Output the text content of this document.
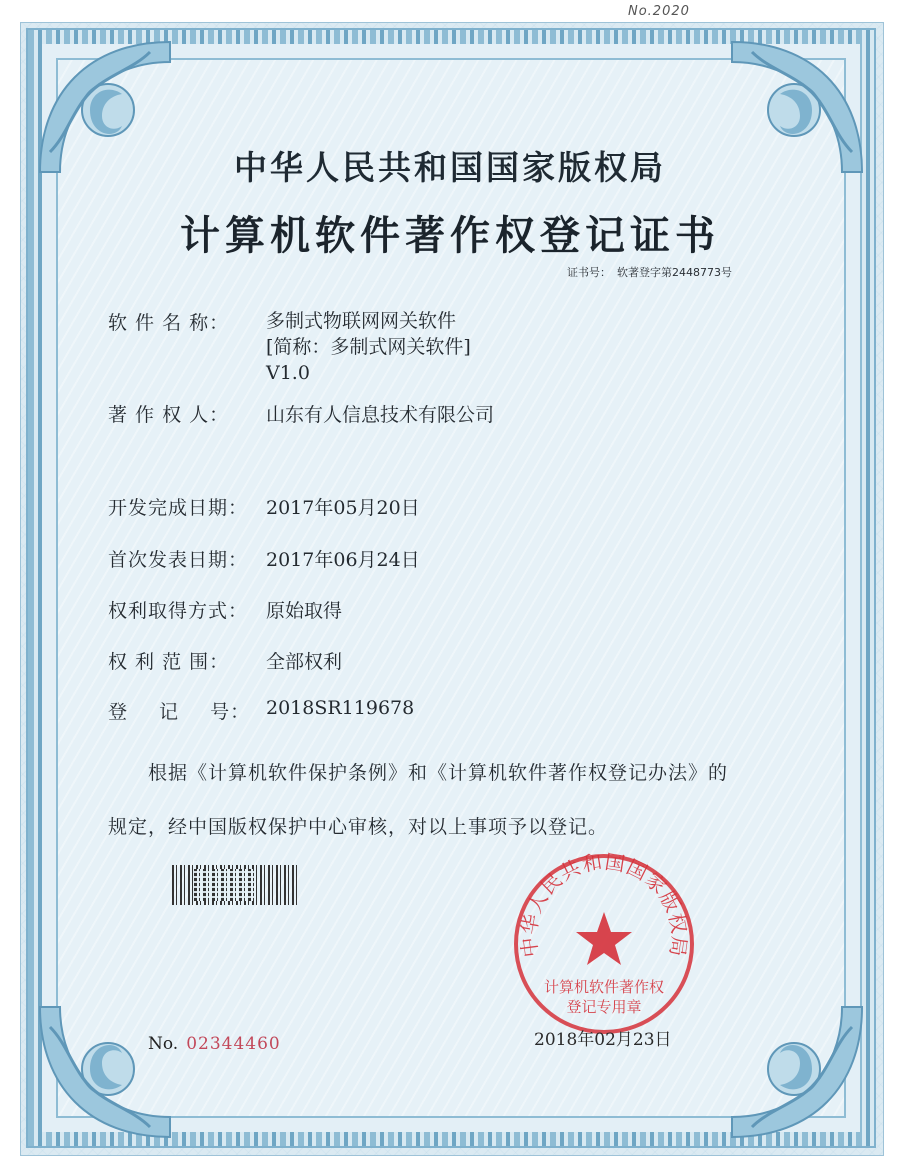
No.2020
中华人民共和国国家版权局
计算机软件著作权登记证书
证书号： 软著登字第2448773号
软 件 名 称： 多制式物联网网关软件
[简称：多制式网关软件]
V1.0
著 作 权 人： 山东有人信息技术有限公司
开发完成日期： 2017年05月20日
首次发表日期： 2017年06月24日
权利取得方式： 原始取得
权 利 范 围： 全部权利
登 记 号： 2018SR119678
根据《计算机软件保护条例》和《计算机软件著作权登记办法》的
规定，经中国版权保护中心审核，对以上事项予以登记。
中华人民共和国国家版权局
计算机软件著作权
登记专用章
No. 02344460	2018年02月23日
